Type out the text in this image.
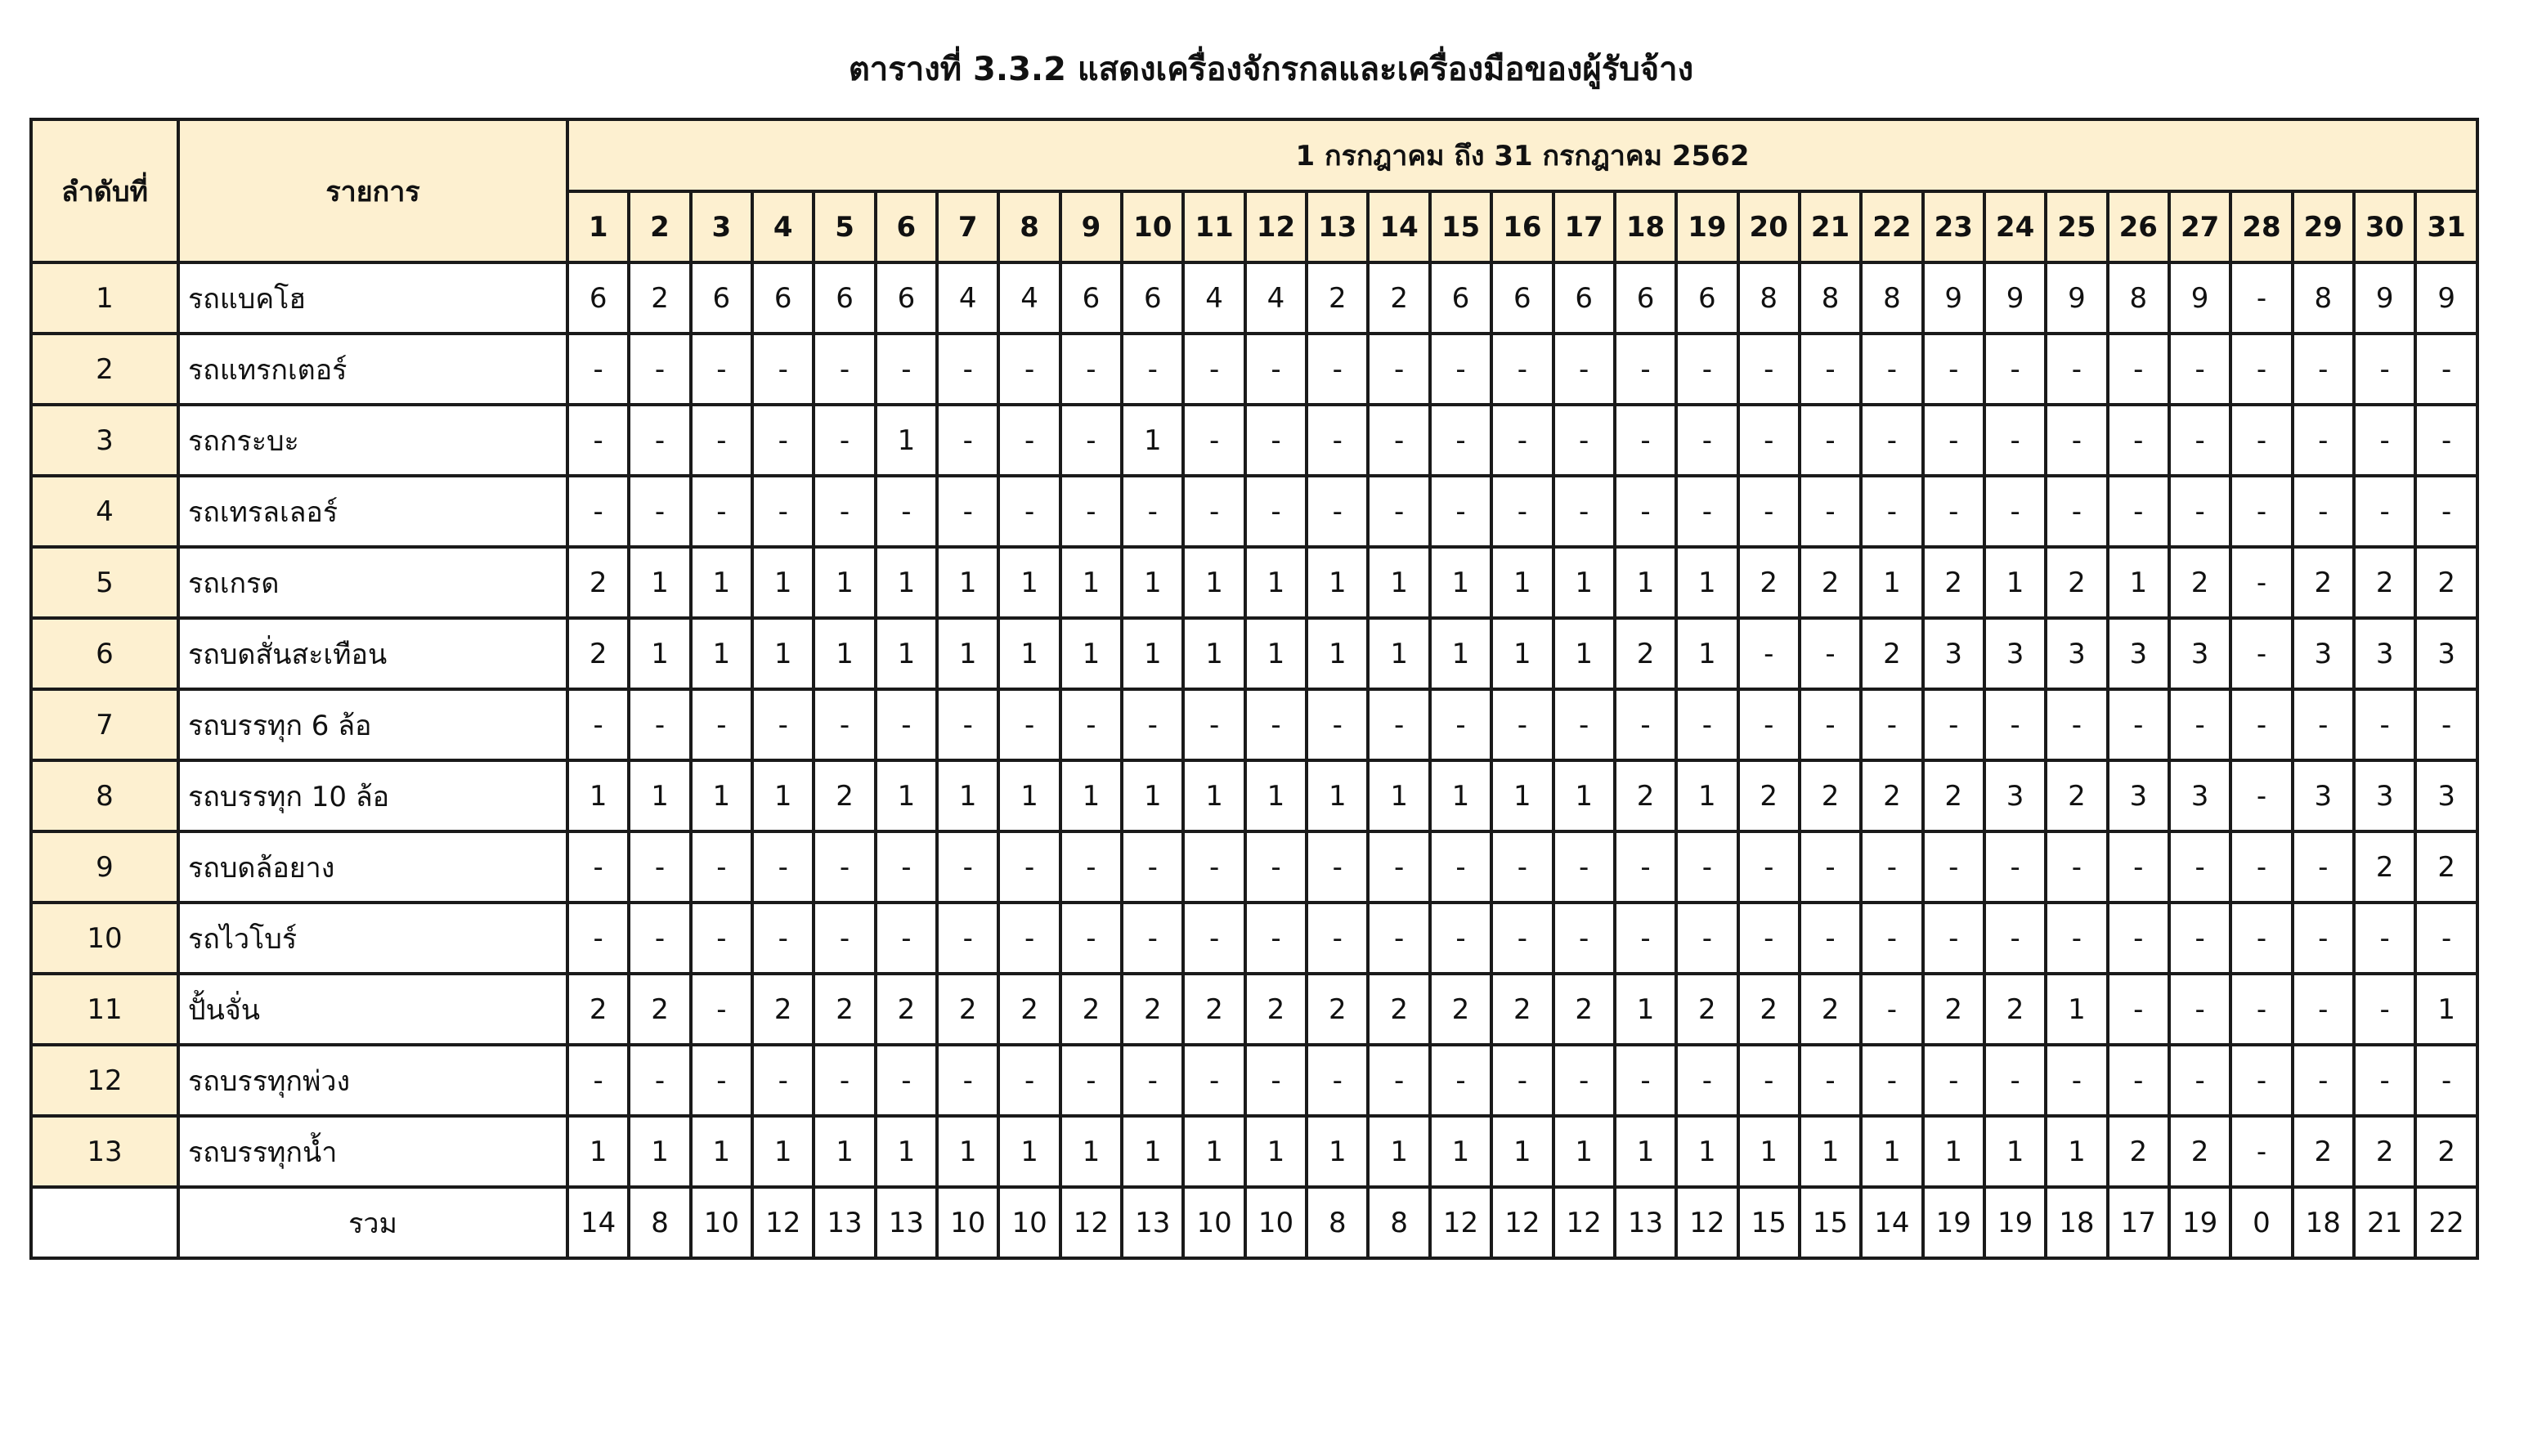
ตารางที่ 3.3.2 แสดงเครื่องจักรกลและเครื่องมือของผู้รับจ้าง
ลำดับที่	รายการ	1 กรกฎาคม ถึง 31 กรกฎาคม 2562																														
		1	2	3	4	5	6	7	8	9	10	11	12	13	14	15	16	17	18	19	20	21	22	23	24	25	26	27	28	29	30	31
1	รถแบคโฮ	6	2	6	6	6	6	4	4	6	6	4	4	2	2	6	6	6	6	6	8	8	8	9	9	9	8	9	-	8	9	9
2	รถแทรกเตอร์	-	-	-	-	-	-	-	-	-	-	-	-	-	-	-	-	-	-	-	-	-	-	-	-	-	-	-	-	-	-	-
3	รถกระบะ	-	-	-	-	-	1	-	-	-	1	-	-	-	-	-	-	-	-	-	-	-	-	-	-	-	-	-	-	-	-	-
4	รถเทรลเลอร์	-	-	-	-	-	-	-	-	-	-	-	-	-	-	-	-	-	-	-	-	-	-	-	-	-	-	-	-	-	-	-
5	รถเกรด	2	1	1	1	1	1	1	1	1	1	1	1	1	1	1	1	1	1	1	2	2	1	2	1	2	1	2	-	2	2	2
6	รถบดสั่นสะเทือน	2	1	1	1	1	1	1	1	1	1	1	1	1	1	1	1	1	2	1	-	-	2	3	3	3	3	3	-	3	3	3
7	รถบรรทุก 6 ล้อ	-	-	-	-	-	-	-	-	-	-	-	-	-	-	-	-	-	-	-	-	-	-	-	-	-	-	-	-	-	-	-
8	รถบรรทุก 10 ล้อ	1	1	1	1	2	1	1	1	1	1	1	1	1	1	1	1	1	2	1	2	2	2	2	3	2	3	3	-	3	3	3
9	รถบดล้อยาง	-	-	-	-	-	-	-	-	-	-	-	-	-	-	-	-	-	-	-	-	-	-	-	-	-	-	-	-	-	2	2
10	รถไวโบร์	-	-	-	-	-	-	-	-	-	-	-	-	-	-	-	-	-	-	-	-	-	-	-	-	-	-	-	-	-	-	-
11	ปั้นจั่น	2	2	-	2	2	2	2	2	2	2	2	2	2	2	2	2	2	1	2	2	2	-	2	2	1	-	-	-	-	-	1
12	รถบรรทุกพ่วง	-	-	-	-	-	-	-	-	-	-	-	-	-	-	-	-	-	-	-	-	-	-	-	-	-	-	-	-	-	-	-
13	รถบรรทุกน้ำ	1	1	1	1	1	1	1	1	1	1	1	1	1	1	1	1	1	1	1	1	1	1	1	1	1	2	2	-	2	2	2
	รวม	14	8	10	12	13	13	10	10	12	13	10	10	8	8	12	12	12	13	12	15	15	14	19	19	18	17	19	0	18	21	22
